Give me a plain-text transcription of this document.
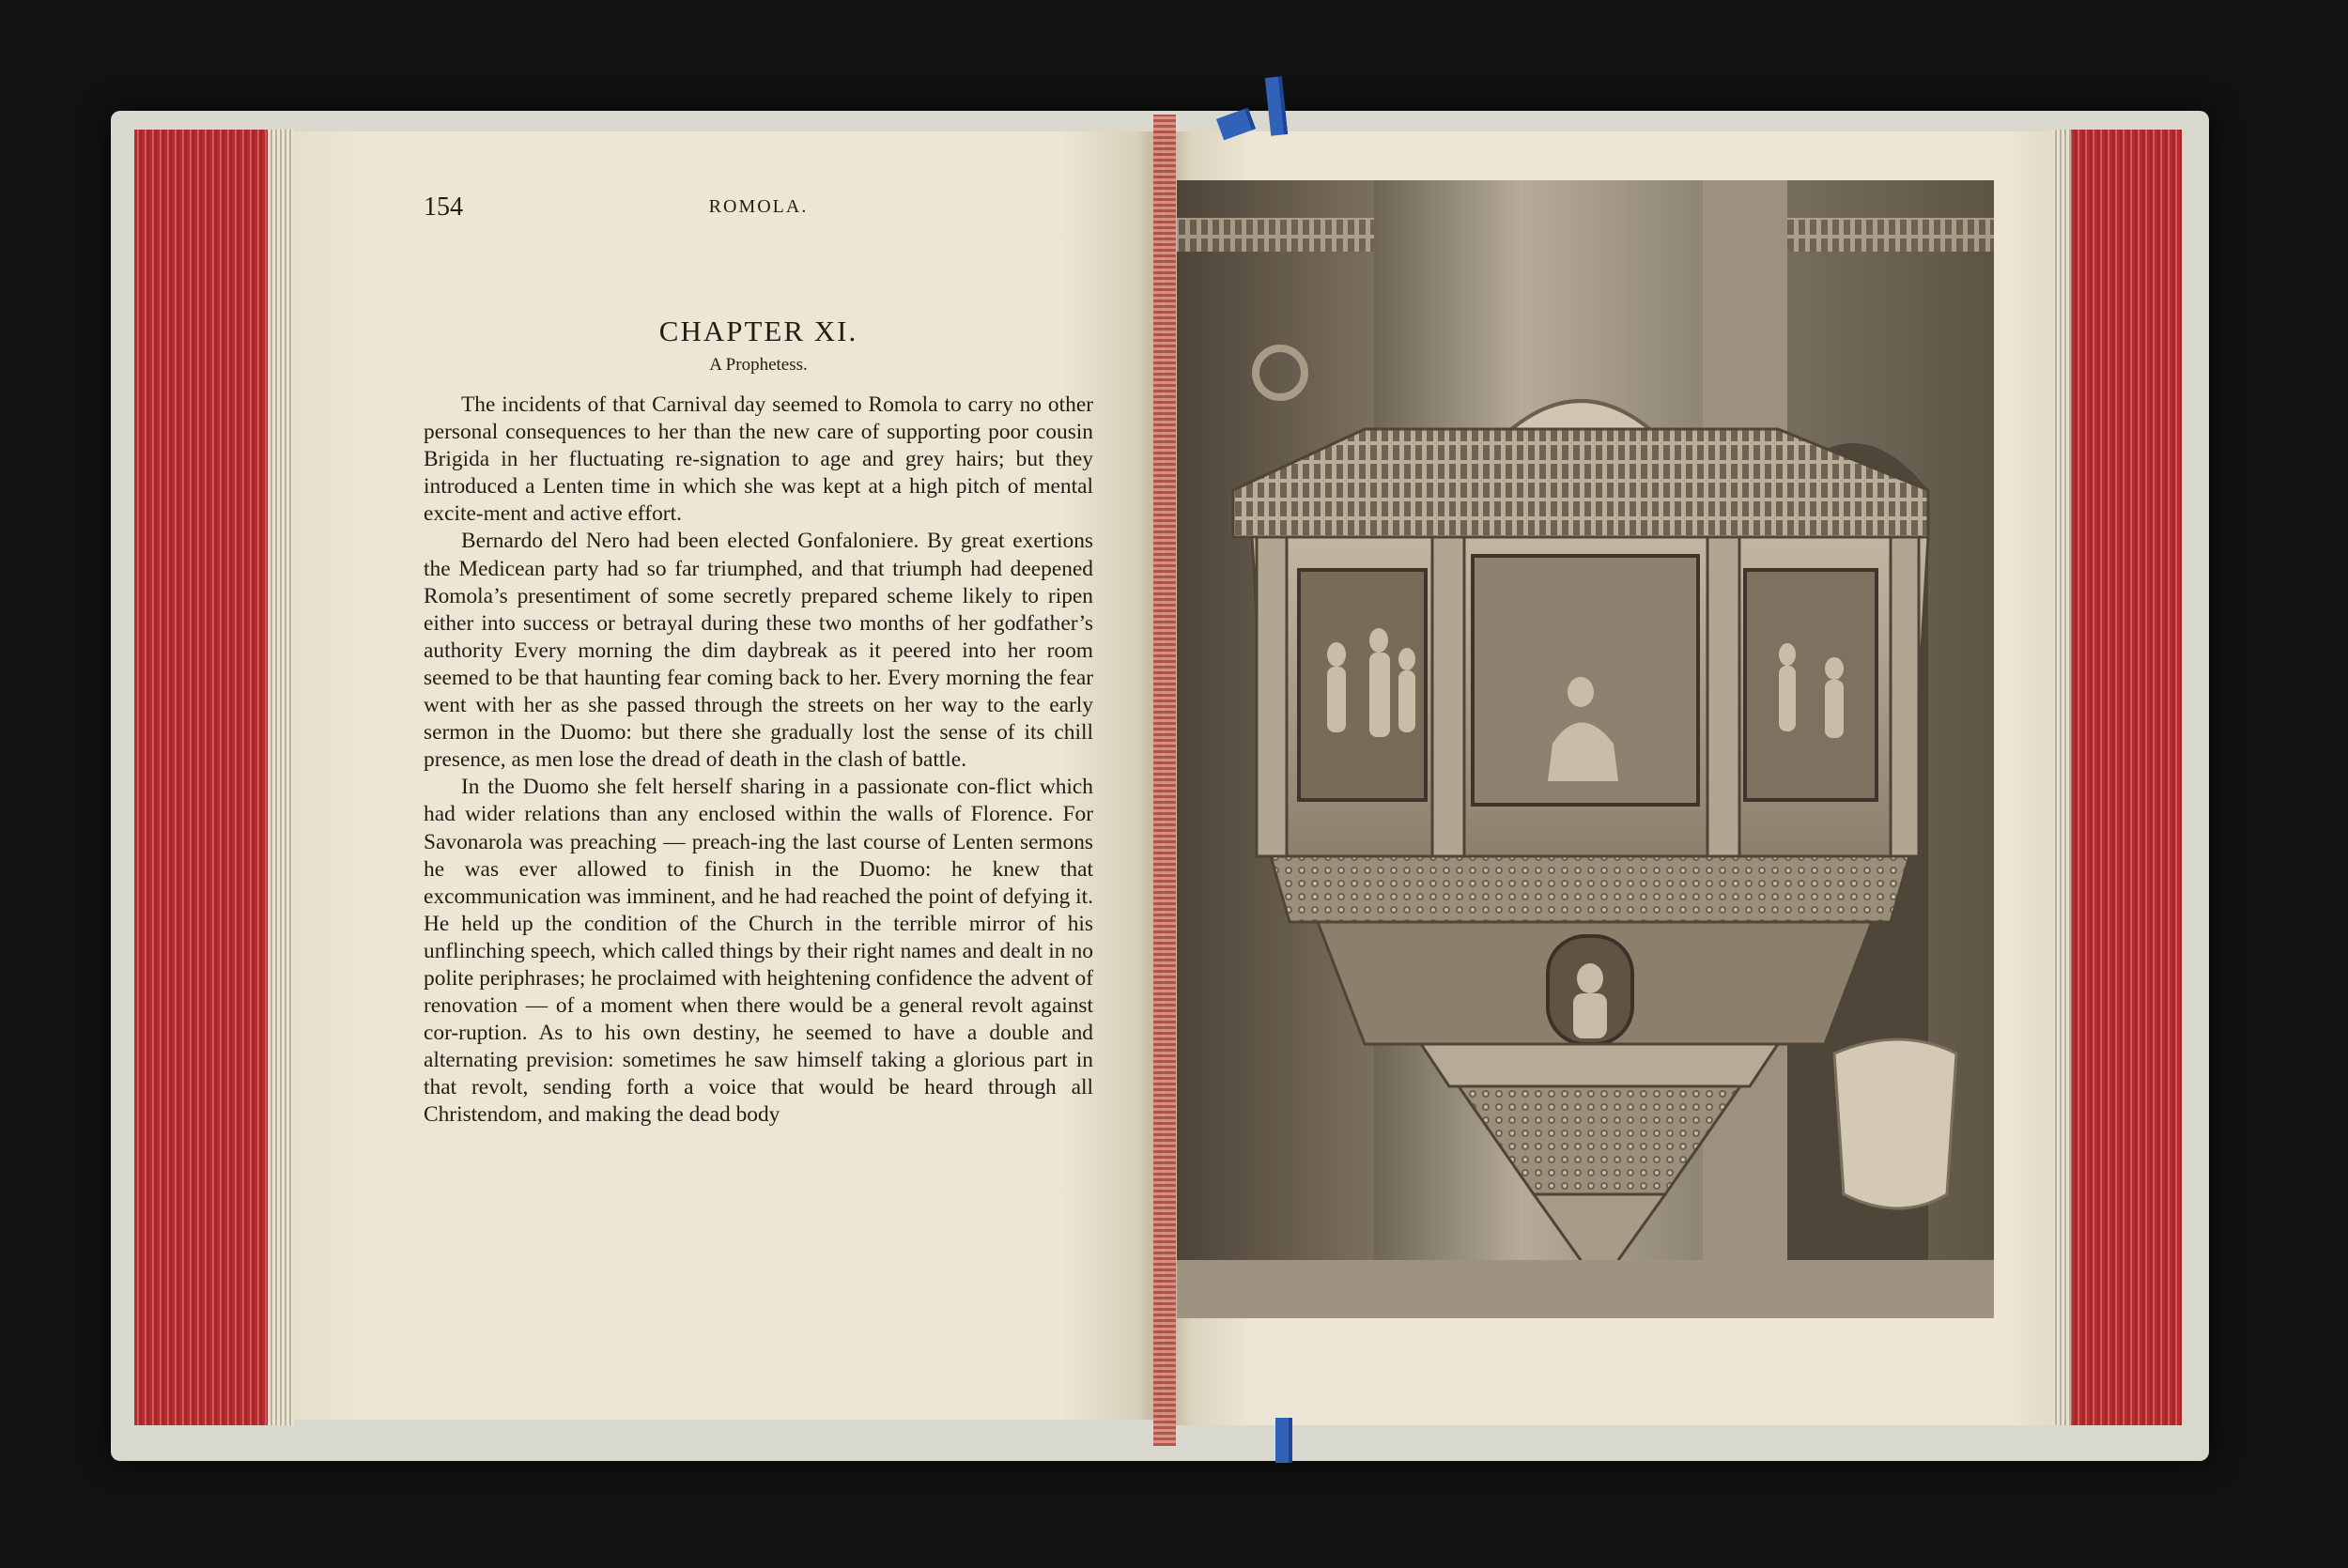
154	ROMOLA.
CHAPTER XI.
A Prophetess.

The incidents of that Carnival day seemed to Romola to carry no other personal consequences to her than the new care of supporting poor cousin Brigida in her fluctuating re-signation to age and grey hairs; but they introduced a Lenten time in which she was kept at a high pitch of mental excite-ment and active effort.

Bernardo del Nero had been elected Gonfaloniere. By great exertions the Medicean party had so far triumphed, and that triumph had deepened Romola’s presentiment of some secretly prepared scheme likely to ripen either into success or betrayal during these two months of her godfather’s authority Every morning the dim daybreak as it peered into her room seemed to be that haunting fear coming back to her. Every morning the fear went with her as she passed through the streets on her way to the early sermon in the Duomo: but there she gradually lost the sense of its chill presence, as men lose the dread of death in the clash of battle.

In the Duomo she felt herself sharing in a passionate con-flict which had wider relations than any enclosed within the walls of Florence. For Savonarola was preaching — preach-ing the last course of Lenten sermons he was ever allowed to finish in the Duomo: he knew that excommunication was imminent, and he had reached the point of defying it. He held up the condition of the Church in the terrible mirror of his unflinching speech, which called things by their right names and dealt in no polite periphrases; he proclaimed with heightening confidence the advent of renovation — of a moment when there would be a general revolt against cor-ruption. As to his own destiny, he seemed to have a double and alternating prevision: sometimes he saw himself taking a glorious part in that revolt, sending forth a voice that would be heard through all Christendom, and making the dead body
